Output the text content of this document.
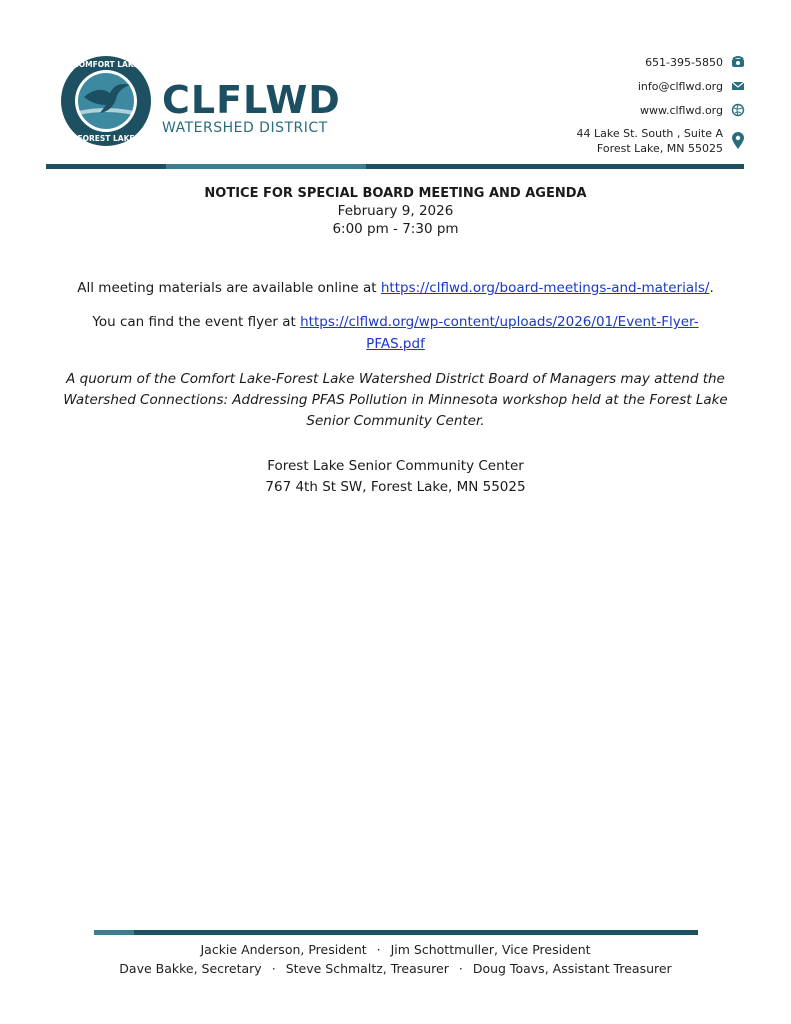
COMFORT LAKE
FOREST LAKE
CLFLWD
WATERSHED DISTRICT
651-395-5850
info@clflwd.org
www.clflwd.org
44 Lake St. South , Suite A
Forest Lake, MN 55025

NOTICE FOR SPECIAL BOARD MEETING AND AGENDA

February 9, 2026

6:00 pm - 7:30 pm

All meeting materials are available online at https://clflwd.org/board-meetings-and-materials/.
You can find the event flyer at https://clflwd.org/wp-content/uploads/2026/01/Event-Flyer-
PFAS.pdf
A quorum of the Comfort Lake-Forest Lake Watershed District Board of Managers may attend the Watershed Connections: Addressing PFAS Pollution in Minnesota workshop held at the Forest Lake Senior Community Center.
Forest Lake Senior Community Center
767 4th St SW, Forest Lake, MN 55025
Jackie Anderson, President · Jim Schottmuller, Vice President
Dave Bakke, Secretary · Steve Schmaltz, Treasurer · Doug Toavs, Assistant Treasurer
